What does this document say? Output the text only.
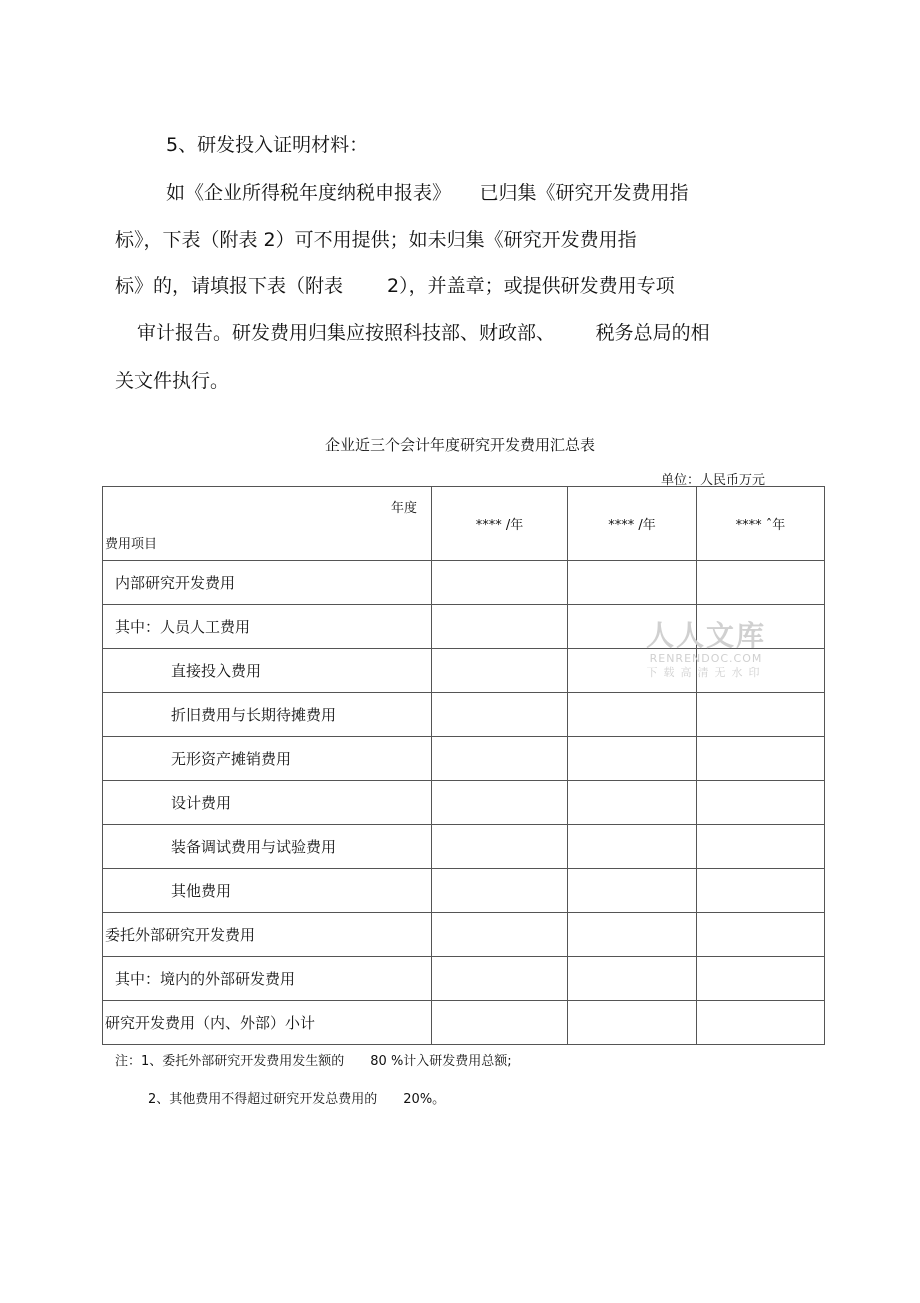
5、研发投入证明材料：
如《企业所得税年度纳税申报表》　　已归集《研究开发费用指
标》，下表（附表 2）可不用提供；如未归集《研究开发费用指
标》的，请填报下表（附表　　 2），并盖章；或提供研发费用专项
审计报告。研发费用归集应按照科技部、财政部、　　  税务总局的相
关文件执行。
企业近三个会计年度研究开发费用汇总表
单位：人民币万元
年度
费用项目	**** /年	**** /年	**** ˆ年
内部研究开发费用			
其中：人员人工费用			
直接投入费用			
折旧费用与长期待摊费用			
无形资产摊销费用			
设计费用			
装备调试费用与试验费用			
其他费用			
委托外部研究开发费用			
其中：境内的外部研发费用			
研究开发费用（内、外部）小计			
注：1、委托外部研究开发费用发生额的　　80 %计入研发费用总额;
2、其他费用不得超过研究开发总费用的　　20%。
人人文库
RENRENDOC.COM
下载高清无水印
